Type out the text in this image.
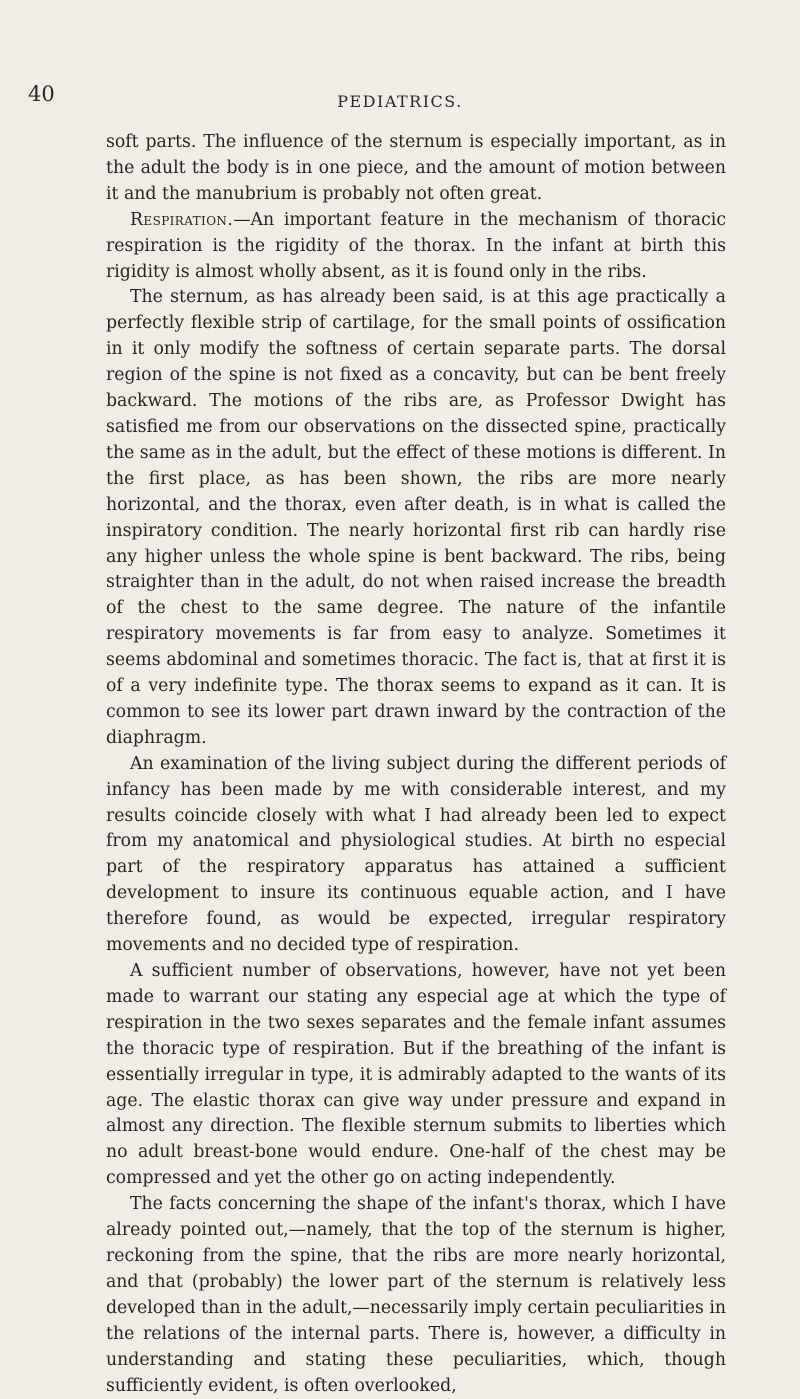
40	PEDIATRICS.

soft parts. The influence of the sternum is especially important, as in the adult the body is in one piece, and the amount of motion between it and the manubrium is probably not often great.

Respiration.—An important feature in the mechanism of thoracic respiration is the rigidity of the thorax. In the infant at birth this rigidity is almost wholly absent, as it is found only in the ribs.

The sternum, as has already been said, is at this age practically a perfectly flexible strip of cartilage, for the small points of ossification in it only modify the softness of certain separate parts. The dorsal region of the spine is not fixed as a concavity, but can be bent freely backward. The motions of the ribs are, as Professor Dwight has satisfied me from our observations on the dissected spine, practically the same as in the adult, but the effect of these motions is different. In the first place, as has been shown, the ribs are more nearly horizontal, and the thorax, even after death, is in what is called the inspiratory condition. The nearly horizontal first rib can hardly rise any higher unless the whole spine is bent backward. The ribs, being straighter than in the adult, do not when raised increase the breadth of the chest to the same degree. The nature of the infantile respiratory movements is far from easy to analyze. Sometimes it seems abdominal and sometimes thoracic. The fact is, that at first it is of a very indefinite type. The thorax seems to expand as it can. It is common to see its lower part drawn inward by the contraction of the diaphragm.

An examination of the living subject during the different periods of infancy has been made by me with considerable interest, and my results coincide closely with what I had already been led to expect from my anatomical and physiological studies. At birth no especial part of the respiratory apparatus has attained a sufficient development to insure its continuous equable action, and I have therefore found, as would be expected, irregular respiratory movements and no decided type of respiration.

A sufficient number of observations, however, have not yet been made to warrant our stating any especial age at which the type of respiration in the two sexes separates and the female infant assumes the thoracic type of respiration. But if the breathing of the infant is essentially irregular in type, it is admirably adapted to the wants of its age. The elastic thorax can give way under pressure and expand in almost any direction. The flexible sternum submits to liberties which no adult breast-bone would endure. One-half of the chest may be compressed and yet the other go on acting independently.

The facts concerning the shape of the infant's thorax, which I have already pointed out,—namely, that the top of the sternum is higher, reckoning from the spine, that the ribs are more nearly horizontal, and that (probably) the lower part of the sternum is relatively less developed than in the adult,—necessarily imply certain peculiarities in the relations of the internal parts. There is, however, a difficulty in understanding and stating these peculiarities, which, though sufficiently evident, is often overlooked,
